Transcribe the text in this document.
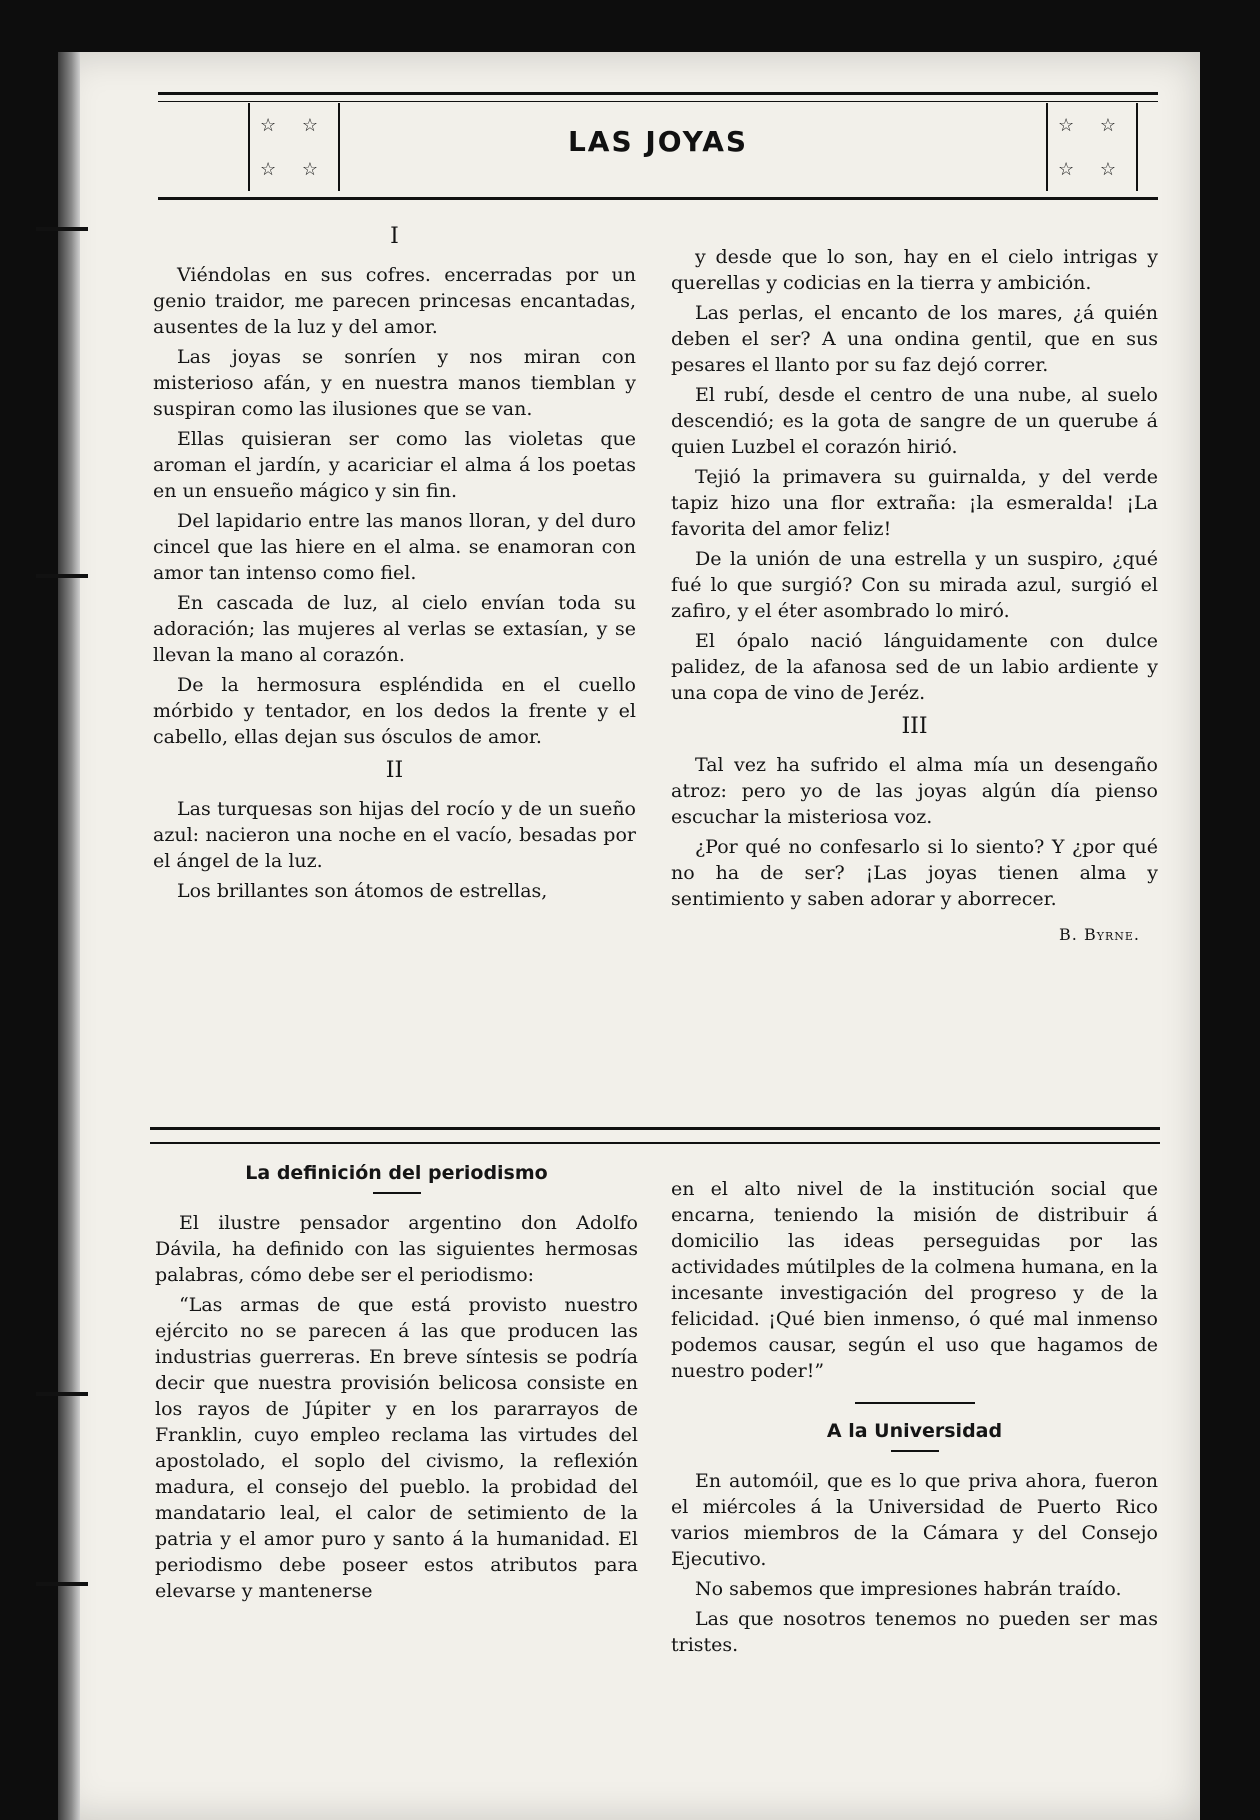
☆ ☆
☆ ☆
LAS JOYAS	☆ ☆
☆ ☆
I

Viéndolas en sus cofres. encerradas por un genio traidor, me parecen princesas encantadas, ausentes de la luz y del amor.

Las joyas se sonríen y nos miran con misterioso afán, y en nuestra manos tiemblan y suspiran como las ilusiones que se van.

Ellas quisieran ser como las violetas que aroman el jardín, y acariciar el alma á los poetas en un ensueño mágico y sin fin.

Del lapidario entre las manos lloran, y del duro cincel que las hiere en el alma. se enamoran con amor tan intenso como fiel.

En cascada de luz, al cielo envían toda su adoración; las mujeres al verlas se extasían, y se llevan la mano al corazón.

De la hermosura espléndida en el cuello mórbido y tentador, en los dedos la frente y el cabello, ellas dejan sus ósculos de amor.

II

Las turquesas son hijas del rocío y de un sueño azul: nacieron una noche en el vacío, besadas por el ángel de la luz.

Los brillantes son átomos de estrellas,

y desde que lo son, hay en el cielo intrigas y querellas y codicias en la tierra y ambición.

Las perlas, el encanto de los mares, ¿á quién deben el ser? A una ondina gentil, que en sus pesares el llanto por su faz dejó correr.

El rubí, desde el centro de una nube, al suelo descendió; es la gota de sangre de un querube á quien Luzbel el corazón hirió.

Tejió la primavera su guirnalda, y del verde tapiz hizo una flor extraña: ¡la esmeralda! ¡La favorita del amor feliz!

De la unión de una estrella y un suspiro, ¿qué fué lo que surgió? Con su mirada azul, surgió el zafiro, y el éter asombrado lo miró.

El ópalo nació lánguidamente con dulce palidez, de la afanosa sed de un labio ardiente y una copa de vino de Jeréz.

III

Tal vez ha sufrido el alma mía un desengaño atroz: pero yo de las joyas algún día pienso escuchar la misteriosa voz.

¿Por qué no confesarlo si lo siento? Y ¿por qué no ha de ser? ¡Las joyas tienen alma y sentimiento y saben adorar y aborrecer.

B. Byrne.
La definición del periodismo

El ilustre pensador argentino don Adolfo Dávila, ha definido con las siguientes hermosas palabras, cómo debe ser el periodismo:

“Las armas de que está provisto nuestro ejército no se parecen á las que producen las industrias guerreras. En breve síntesis se podría decir que nuestra provisión belicosa consiste en los rayos de Júpiter y en los pararrayos de Franklin, cuyo empleo reclama las virtudes del apostolado, el soplo del civismo, la reflexión madura, el consejo del pueblo. la probidad del mandatario leal, el calor de setimiento de la patria y el amor puro y santo á la humanidad. El periodismo debe poseer estos atributos para elevarse y mantenerse

en el alto nivel de la institución social que encarna, teniendo la misión de distribuir á domicilio las ideas perseguidas por las actividades mútilples de la colmena humana, en la incesante investigación del progreso y de la felicidad. ¡Qué bien inmenso, ó qué mal inmenso podemos causar, según el uso que hagamos de nuestro poder!”

A la Universidad

En automóil, que es lo que priva ahora, fueron el miércoles á la Universidad de Puerto Rico varios miembros de la Cámara y del Consejo Ejecutivo.

No sabemos que impresiones habrán traído.

Las que nosotros tenemos no pueden ser mas tristes.
